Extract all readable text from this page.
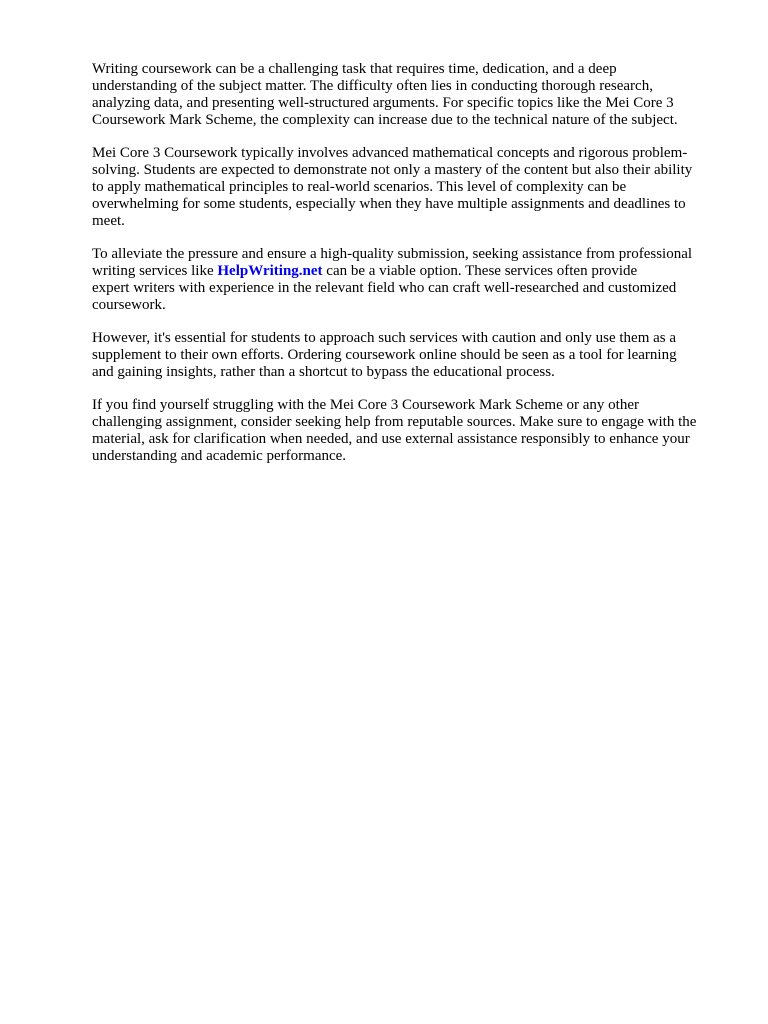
Writing coursework can be a challenging task that requires time, dedication, and a deep
understanding of the subject matter. The difficulty often lies in conducting thorough research,
analyzing data, and presenting well-structured arguments. For specific topics like the Mei Core 3
Coursework Mark Scheme, the complexity can increase due to the technical nature of the subject.

Mei Core 3 Coursework typically involves advanced mathematical concepts and rigorous problem-
solving. Students are expected to demonstrate not only a mastery of the content but also their ability
to apply mathematical principles to real-world scenarios. This level of complexity can be
overwhelming for some students, especially when they have multiple assignments and deadlines to
meet.

To alleviate the pressure and ensure a high-quality submission, seeking assistance from professional
writing services like HelpWriting.net can be a viable option. These services often provide
expert writers with experience in the relevant field who can craft well-researched and customized
coursework.

However, it's essential for students to approach such services with caution and only use them as a
supplement to their own efforts. Ordering coursework online should be seen as a tool for learning
and gaining insights, rather than a shortcut to bypass the educational process.

If you find yourself struggling with the Mei Core 3 Coursework Mark Scheme or any other
challenging assignment, consider seeking help from reputable sources. Make sure to engage with the
material, ask for clarification when needed, and use external assistance responsibly to enhance your
understanding and academic performance.
